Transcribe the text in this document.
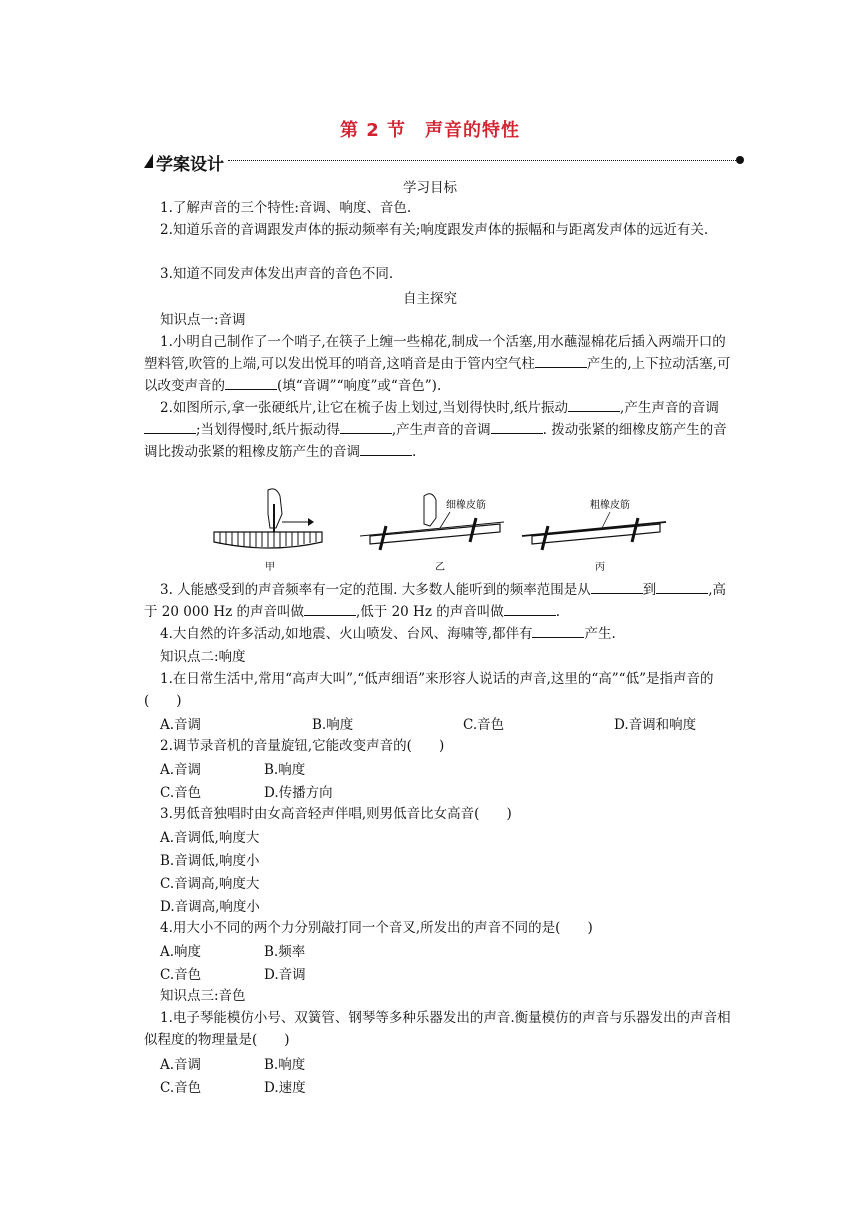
第 2 节　声音的特性
学案设计
学习目标
1.了解声音的三个特性:音调、响度、音色.
2.知道乐音的音调跟发声体的振动频率有关;响度跟发声体的振幅和与距离发声体的远近有关.
3.知道不同发声体发出声音的音色不同.
自主探究
知识点一:音调
1.小明自己制作了一个哨子,在筷子上缠一些棉花,制成一个活塞,用水蘸湿棉花后插入两端开口的塑料管,吹管的上端,可以发出悦耳的哨音,这哨音是由于管内空气柱	产生的,上下拉动活塞,可以改变声音的	(填“音调”“响度”或“音色”).
2.如图所示,拿一张硬纸片,让它在梳子齿上划过,当划得快时,纸片振动	,产生声音的音调;当划得慢时,纸片振动得	,产生声音的音调	. 拨动张紧的细橡皮筋产生的音调比拨动张紧的粗橡皮筋产生的音调	.
甲
细橡皮筋
乙
粗橡皮筋
丙
3. 人能感受到的声音频率有一定的范围. 大多数人能听到的频率范围是从	到	,高于 20 000 Hz 的声音叫做	,低于 20 Hz 的声音叫做	.
4.大自然的许多活动,如地震、火山喷发、台风、海啸等,都伴有	产生.
知识点二:响度
1.在日常生活中,常用“高声大叫”,“低声细语”来形容人说话的声音,这里的“高”“低”是指声音的(　　)
A.音调	B.响度	C.音色	D.音调和响度
2.调节录音机的音量旋钮,它能改变声音的(　　)
A.音调	B.响度
C.音色	D.传播方向
3.男低音独唱时由女高音轻声伴唱,则男低音比女高音(　　)
A.音调低,响度大
B.音调低,响度小
C.音调高,响度大
D.音调高,响度小
4.用大小不同的两个力分别敲打同一个音叉,所发出的声音不同的是(　　)
A.响度	B.频率
C.音色	D.音调
知识点三:音色
1.电子琴能模仿小号、双簧管、钢琴等多种乐器发出的声音.衡量模仿的声音与乐器发出的声音相似程度的物理量是(　　)
A.音调	B.响度
C.音色	D.速度
